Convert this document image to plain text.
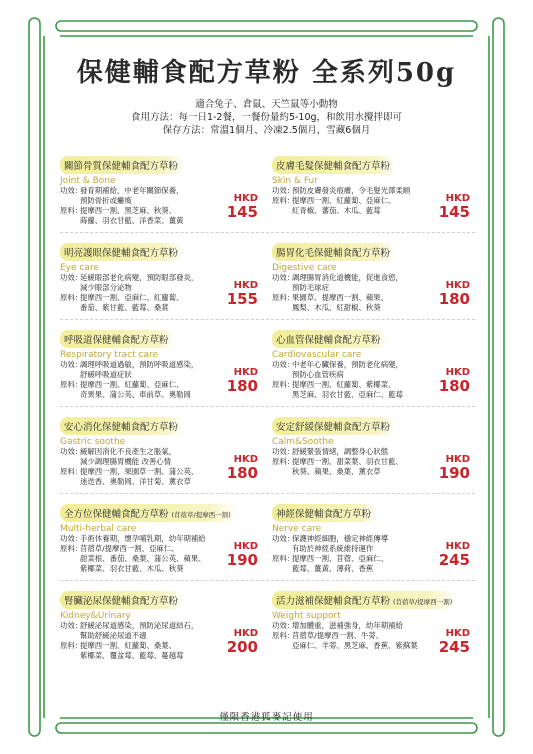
保健輔食配方草粉 全系列50g
適合兔子、倉鼠、天竺鼠等小動物
食用方法：每一日1-2餐，一餐份量約5-10g，和飲用水攪拌即可
保存方法：常溫1個月、冷凍2.5個月，雪藏6個月
關節骨質保健輔食配方草粉
Joint & Bone
功效：發育期補給，中老年關節保養，
預防骨折或癱瘓
原料：提摩西一割、黑芝麻、秋葵、
蒔蘿、羽衣甘藍、洋香菜、薑黃
HKD
145
皮膚毛髮保健輔食配方草粉
Skin & Fur
功效：預防皮膚發炎痕癢，令毛髮光澤柔順
原料：提摩西一割、紅蘿蔔、亞麻仁、
紅青椒、蕃茄、木瓜、藍莓
HKD
145
明亮護眼保健輔食配方草粉
Eye care
功效：延緩眼部老化病變，預防眼部發炎，
減少眼部分泌物
原料：提摩西一割、亞麻仁、紅蘿蔔、
番茄、紫甘藍、藍莓、桑葚
HKD
155
腸胃化毛保健輔食配方草粉
Digestive care
功效：調理腸胃消化道機能，促進食慾，
預防毛球症
原料：果園草、提摩西一割、蘋果、
鳳梨、木瓜、紅甜椒、秋葵
HKD
180
呼吸道保健輔食配方草粉
Respiratory tract care
功效：調理呼吸道過敏，預防呼吸道感染，
舒緩呼吸道症狀
原料：提摩西一割、紅蘿蔔、亞麻仁、
奇異果、蒲公英、車前草、奧勒岡
HKD
180
心血管保健輔食配方草粉
Cardiovascular care
功效：中老年心臟保養，預防老化病變，
預防心血管疾病
原料：提摩西一割、紅蘿蔔、紫椰菜、
黑芝麻、羽衣甘藍、亞麻仁、藍莓
HKD
180
安心消化保健輔食配方草粉
Gastric soothe
功效：緩解因消化不良產生之脹氣，
減少調理腸胃機能 改善心情
原料：提摩西一割、果園草一割、蒲公英、
迷迭香、奧勒岡、洋甘菊、薰衣草
HKD
180
安定舒緩保健輔食配方草粉
Calm&Soothe
功效：舒緩緊張情緒，調整身心狀態
原料：提摩西一割、甜菜葉、羽衣甘藍、
秋葵、蘋果、桑葉、薰衣草
HKD
190
全方位保健輔食配方草粉 (苜蓿草/提摩西一割)
Multi-herbal care
功效：手術休養期，懷孕哺乳期，幼年期補給
原料：苜蓿草/提摩西一割、亞麻仁、
甜菜根、番茄、桑葉、蒲公英、蘋果、
紫椰菜、羽衣甘藍、木瓜、秋葵
HKD
190
神經保健輔食配方草粉
Nerve care
功效：保護神經細胞，穩定神經傳導
有助於神經系統維持運作
原料：提摩西一割、苜蓿、亞麻仁、
藍莓、薑黃、薄荷、香蕉
HKD
245
腎臟泌尿保健輔食配方草粉
Kidney&Urinary
功效：舒緩泌尿道感染，預防泌尿道結石，
幫助舒緩泌尿道不適
原料：提摩西一割、紅蘿蔔、桑葉、
紫椰菜、覆盆莓、藍莓、蔓越莓
HKD
200
活力滋補保健輔食配方草粉 (苜蓿草/提摩西一割)
Weight support
功效：增加體重，滋補強身，幼年期補給
原料：苜蓿草/提摩西一割、牛蒡、
亞麻仁、羊蒡、黑芝麻、香蕉、紫蘇葉
HKD
245
僅限香港狐麥記使用
